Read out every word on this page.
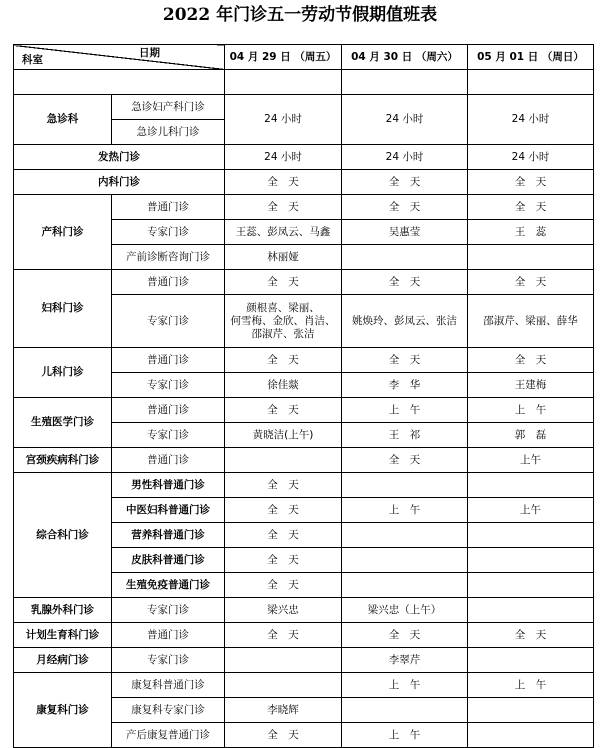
2022 年门诊五一劳动节假期值班表
日期
科室		04 月 29 日 （周五）	04 月 30 日 （周六）	05 月 01 日 （周日）

急诊科	急诊妇产科门诊	24 小时	24 小时	24 小时
	急诊儿科门诊			
发热门诊		24 小时	24 小时	24 小时
内科门诊		全　天	全　天	全　天
产科门诊	普通门诊	全　天	全　天	全　天
	专家门诊	王蕊、彭凤云、马鑫	吴惠莹	王　蕊
	产前诊断咨询门诊	林丽娅		
妇科门诊	普通门诊	全　天	全　天	全　天
	专家门诊	颜根喜、梁丽、
何雪梅、金欣、肖洁、
邵淑芹、张洁	姚焕玲、彭凤云、张洁	邵淑芹、梁丽、薛华
儿科门诊	普通门诊	全　天	全　天	全　天
	专家门诊	徐佳燚	李　华	王建梅
生殖医学门诊	普通门诊	全　天	上　午	上　午
	专家门诊	黄晓洁(上午)	王　祁	郭　磊
宫颈疾病科门诊	普通门诊		全　天	上午
综合科门诊	男性科普通门诊	全　天		
	中医妇科普通门诊	全　天	上　午	上午
	营养科普通门诊	全　天		
	皮肤科普通门诊	全　天		
	生殖免疫普通门诊	全　天		
乳腺外科门诊	专家门诊	梁兴忠	梁兴忠（上午）	
计划生育科门诊	普通门诊	全　天	全　天	全　天
月经病门诊	专家门诊		李翠芹	
康复科门诊	康复科普通门诊		上　午	上　午
	康复科专家门诊	李晓辉		
	产后康复普通门诊	全　天	上　午	
